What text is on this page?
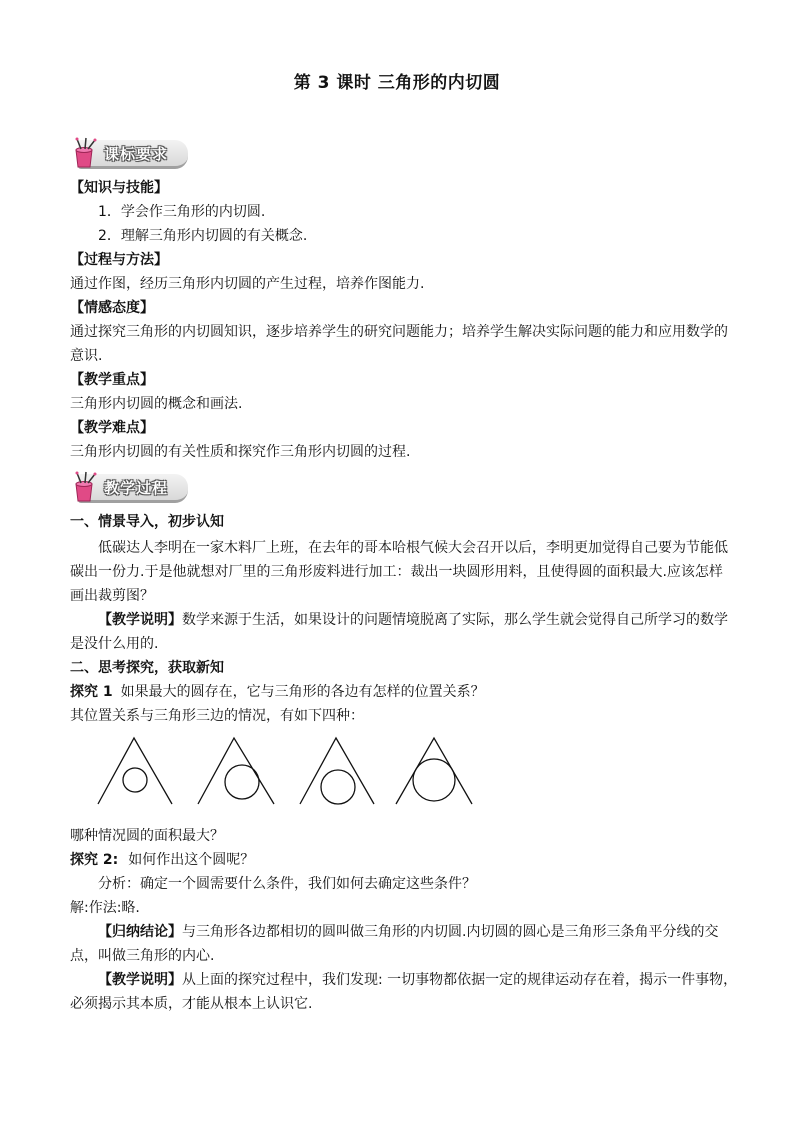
第 3 课时 三角形的内切圆
课标要求
【知识与技能】
1．学会作三角形的内切圆.
2．理解三角形内切圆的有关概念.
【过程与方法】
通过作图，经历三角形内切圆的产生过程，培养作图能力.
【情感态度】
通过探究三角形的内切圆知识，逐步培养学生的研究问题能力；培养学生解决实际问题的能力和应用数学的
意识.
【教学重点】
三角形内切圆的概念和画法.
【教学难点】
三角形内切圆的有关性质和探究作三角形内切圆的过程.
教学过程
一、情景导入，初步认知
低碳达人李明在一家木料厂上班，在去年的哥本哈根气候大会召开以后，李明更加觉得自己要为节能低
碳出一份力.于是他就想对厂里的三角形废料进行加工：裁出一块圆形用料，且使得圆的面积最大.应该怎样
画出裁剪图？
【教学说明】数学来源于生活，如果设计的问题情境脱离了实际，那么学生就会觉得自己所学习的数学
是没什么用的.
二、思考探究，获取新知
探究 1 如果最大的圆存在，它与三角形的各边有怎样的位置关系？
其位置关系与三角形三边的情况，有如下四种：
哪种情况圆的面积最大？
探究 2: 如何作出这个圆呢？
分析：确定一个圆需要什么条件，我们如何去确定这些条件？
解:作法:略.
【归纳结论】与三角形各边都相切的圆叫做三角形的内切圆.内切圆的圆心是三角形三条角平分线的交
点，叫做三角形的内心.
【教学说明】从上面的探究过程中，我们发现: 一切事物都依据一定的规律运动存在着，揭示一件事物，
必须揭示其本质，才能从根本上认识它.
